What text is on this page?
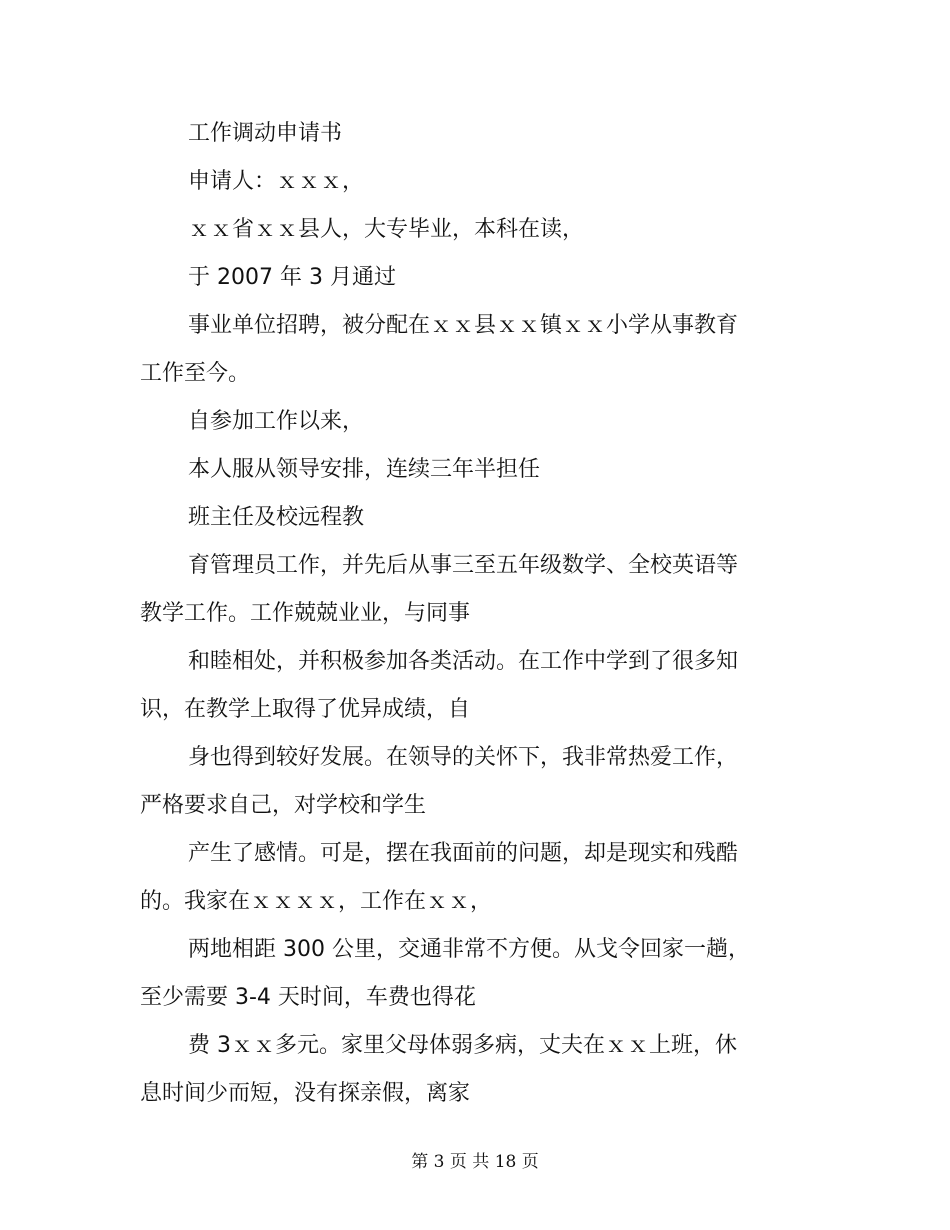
工作调动申请书
申请人：ｘｘｘ，
ｘｘ省ｘｘ县人，大专毕业，本科在读，
于 2007 年 3 月通过
事业单位招聘，被分配在ｘｘ县ｘｘ镇ｘｘ小学从事教育
工作至今。
自参加工作以来，
本人服从领导安排，连续三年半担任
班主任及校远程教
育管理员工作，并先后从事三至五年级数学、全校英语等
教学工作。工作兢兢业业，与同事
和睦相处，并积极参加各类活动。在工作中学到了很多知
识，在教学上取得了优异成绩，自
身也得到较好发展。在领导的关怀下，我非常热爱工作，
严格要求自己，对学校和学生
产生了感情。可是，摆在我面前的问题，却是现实和残酷
的。我家在ｘｘｘｘ，工作在ｘｘ，
两地相距 300 公里，交通非常不方便。从戈令回家一趟，
至少需要 3-4 天时间，车费也得花
费 3ｘｘ多元。家里父母体弱多病，丈夫在ｘｘ上班，休
息时间少而短，没有探亲假，离家
第 3 页 共 18 页
